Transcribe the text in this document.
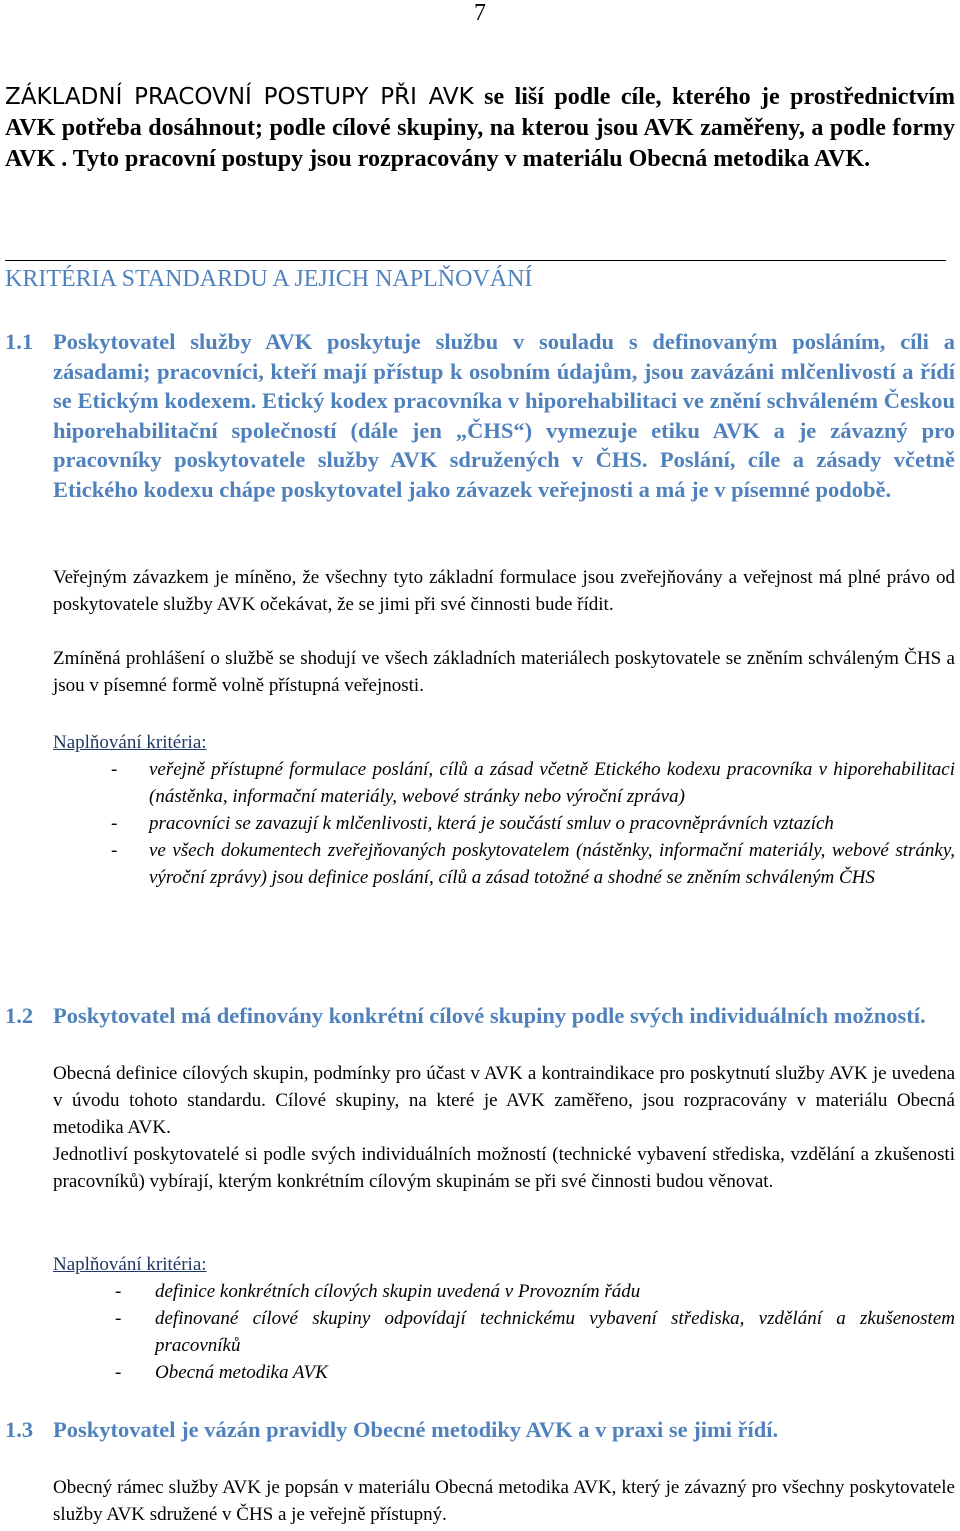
7

ZÁKLADNÍ PRACOVNÍ POSTUPY PŘI AVK se liší podle cíle, kterého je prostřednictvím AVK potřeba dosáhnout; podle cílové skupiny, na kterou jsou AVK zaměřeny, a podle formy AVK . Tyto pracovní postupy jsou rozpracovány v materiálu Obecná metodika AVK.

KRITÉRIA STANDARDU A JEJICH NAPLŇOVÁNÍ

1.1 Poskytovatel služby AVK poskytuje službu v souladu s definovaným posláním, cíli a zásadami; pracovníci, kteří mají přístup k osobním údajům, jsou zavázáni mlčenlivostí a řídí se Etickým kodexem. Etický kodex pracovníka v hiporehabilitaci ve znění schváleném Českou hiporehabilitační společností (dále jen „ČHS“) vymezuje etiku AVK a je závazný pro pracovníky poskytovatele služby AVK sdružených v ČHS. Poslání, cíle a zásady včetně Etického kodexu chápe poskytovatel jako závazek veřejnosti a má je v písemné podobě.

Veřejným závazkem je míněno, že všechny tyto základní formulace jsou zveřejňovány a veřejnost má plné právo od poskytovatele služby AVK očekávat, že se jimi při své činnosti bude řídit.

Zmíněná prohlášení o službě se shodují ve všech základních materiálech poskytovatele se zněním schváleným ČHS a jsou v písemné formě volně přístupná veřejnosti.

Naplňování kritéria:

- veřejně přístupné formulace poslání, cílů a zásad včetně Etického kodexu pracovníka v hiporehabilitaci (nástěnka, informační materiály, webové stránky nebo výroční zpráva)
- pracovníci se zavazují k mlčenlivosti, která je součástí smluv o pracovněprávních vztazích
- ve všech dokumentech zveřejňovaných poskytovatelem (nástěnky, informační materiály, webové stránky, výroční zprávy) jsou definice poslání, cílů a zásad totožné a shodné se zněním schváleným ČHS

1.2 Poskytovatel má definovány konkrétní cílové skupiny podle svých individuálních možností.

Obecná definice cílových skupin, podmínky pro účast v AVK a kontraindikace pro poskytnutí služby AVK je uvedena v úvodu tohoto standardu. Cílové skupiny, na které je AVK zaměřeno, jsou rozpracovány v materiálu Obecná metodika AVK.

Jednotliví poskytovatelé si podle svých individuálních možností (technické vybavení střediska, vzdělání a zkušenosti pracovníků) vybírají, kterým konkrétním cílovým skupinám se při své činnosti budou věnovat.

Naplňování kritéria:

- definice konkrétních cílových skupin uvedená v Provozním řádu
- definované cílové skupiny odpovídají technickému vybavení střediska, vzdělání a zkušenostem pracovníků
- Obecná metodika AVK

1.3 Poskytovatel je vázán pravidly Obecné metodiky AVK a v praxi se jimi řídí.

Obecný rámec služby AVK je popsán v materiálu Obecná metodika AVK, který je závazný pro všechny poskytovatele služby AVK sdružené v ČHS a je veřejně přístupný.
